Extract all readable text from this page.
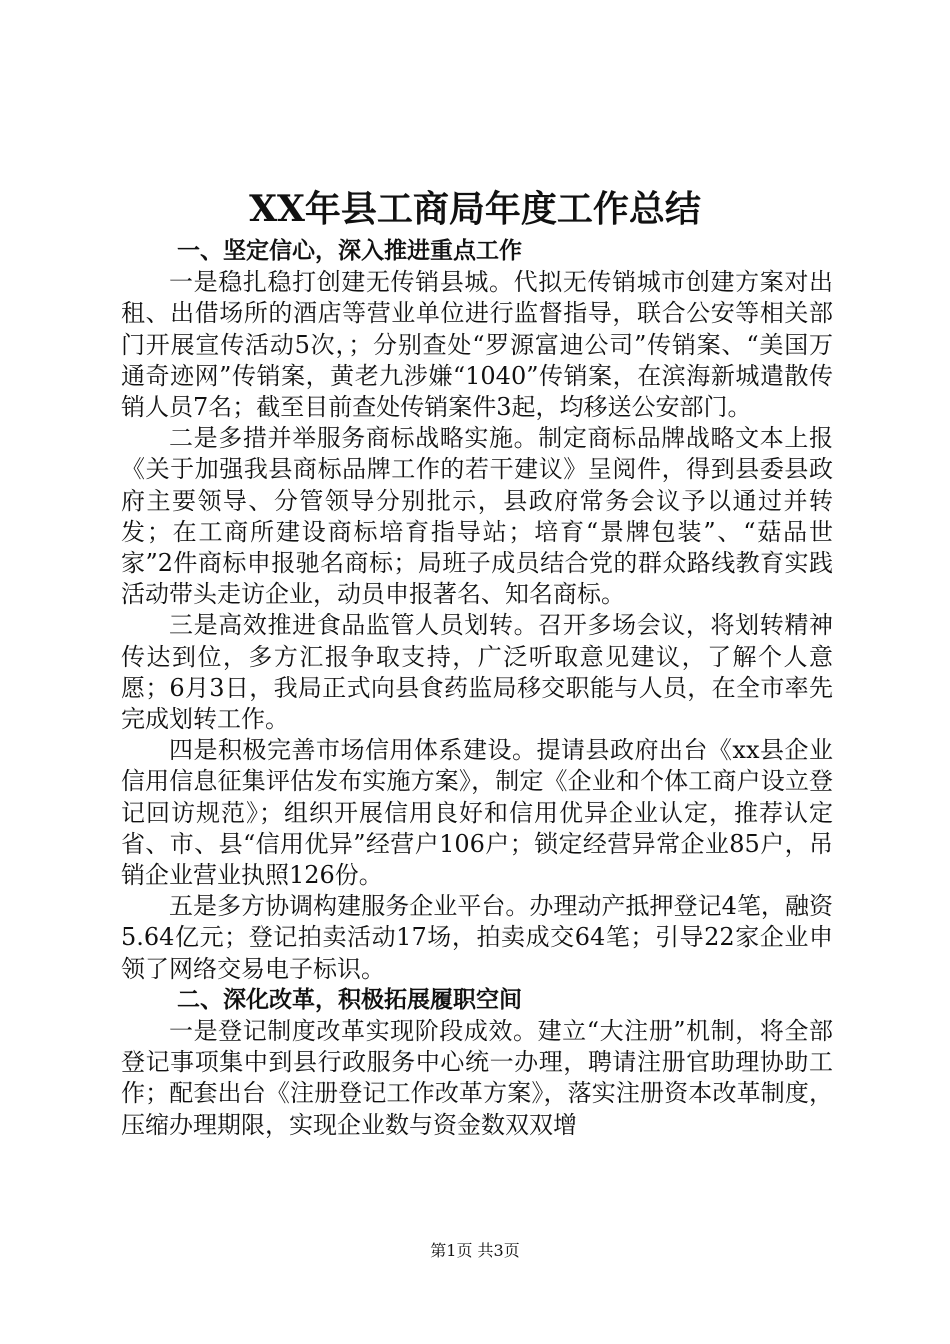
XX年县工商局年度工作总结

一、坚定信心，深入推进重点工作

一是稳扎稳打创建无传销县城。代拟无传销城市创建方案对出租、出借场所的酒店等营业单位进行监督指导，联合公安等相关部门开展宣传活动5次，；分别查处“罗源富迪公司”传销案、“美国万通奇迹网”传销案，黄老九涉嫌“1040”传销案，在滨海新城遣散传销人员7名；截至目前查处传销案件3起，均移送公安部门。

二是多措并举服务商标战略实施。制定商标品牌战略文本上报《关于加强我县商标品牌工作的若干建议》呈阅件，得到县委县政府主要领导、分管领导分别批示，县政府常务会议予以通过并转发；在工商所建设商标培育指导站；培育“景牌包装”、“菇品世家”2件商标申报驰名商标；局班子成员结合党的群众路线教育实践活动带头走访企业，动员申报著名、知名商标。

三是高效推进食品监管人员划转。召开多场会议，将划转精神传达到位，多方汇报争取支持，广泛听取意见建议，了解个人意愿；6月3日，我局正式向县食药监局移交职能与人员，在全市率先完成划转工作。

四是积极完善市场信用体系建设。提请县政府出台《xx县企业信用信息征集评估发布实施方案》，制定《企业和个体工商户设立登记回访规范》；组织开展信用良好和信用优异企业认定，推荐认定省、市、县“信用优异”经营户106户；锁定经营异常企业85户，吊销企业营业执照126份。

五是多方协调构建服务企业平台。办理动产抵押登记4笔，融资5.64亿元；登记拍卖活动17场，拍卖成交64笔；引导22家企业申领了网络交易电子标识。

二、深化改革，积极拓展履职空间

一是登记制度改革实现阶段成效。建立“大注册”机制，将全部登记事项集中到县行政服务中心统一办理，聘请注册官助理协助工作；配套出台《注册登记工作改革方案》，落实注册资本改革制度，压缩办理期限，实现企业数与资金数双双增

第1页 共3页
